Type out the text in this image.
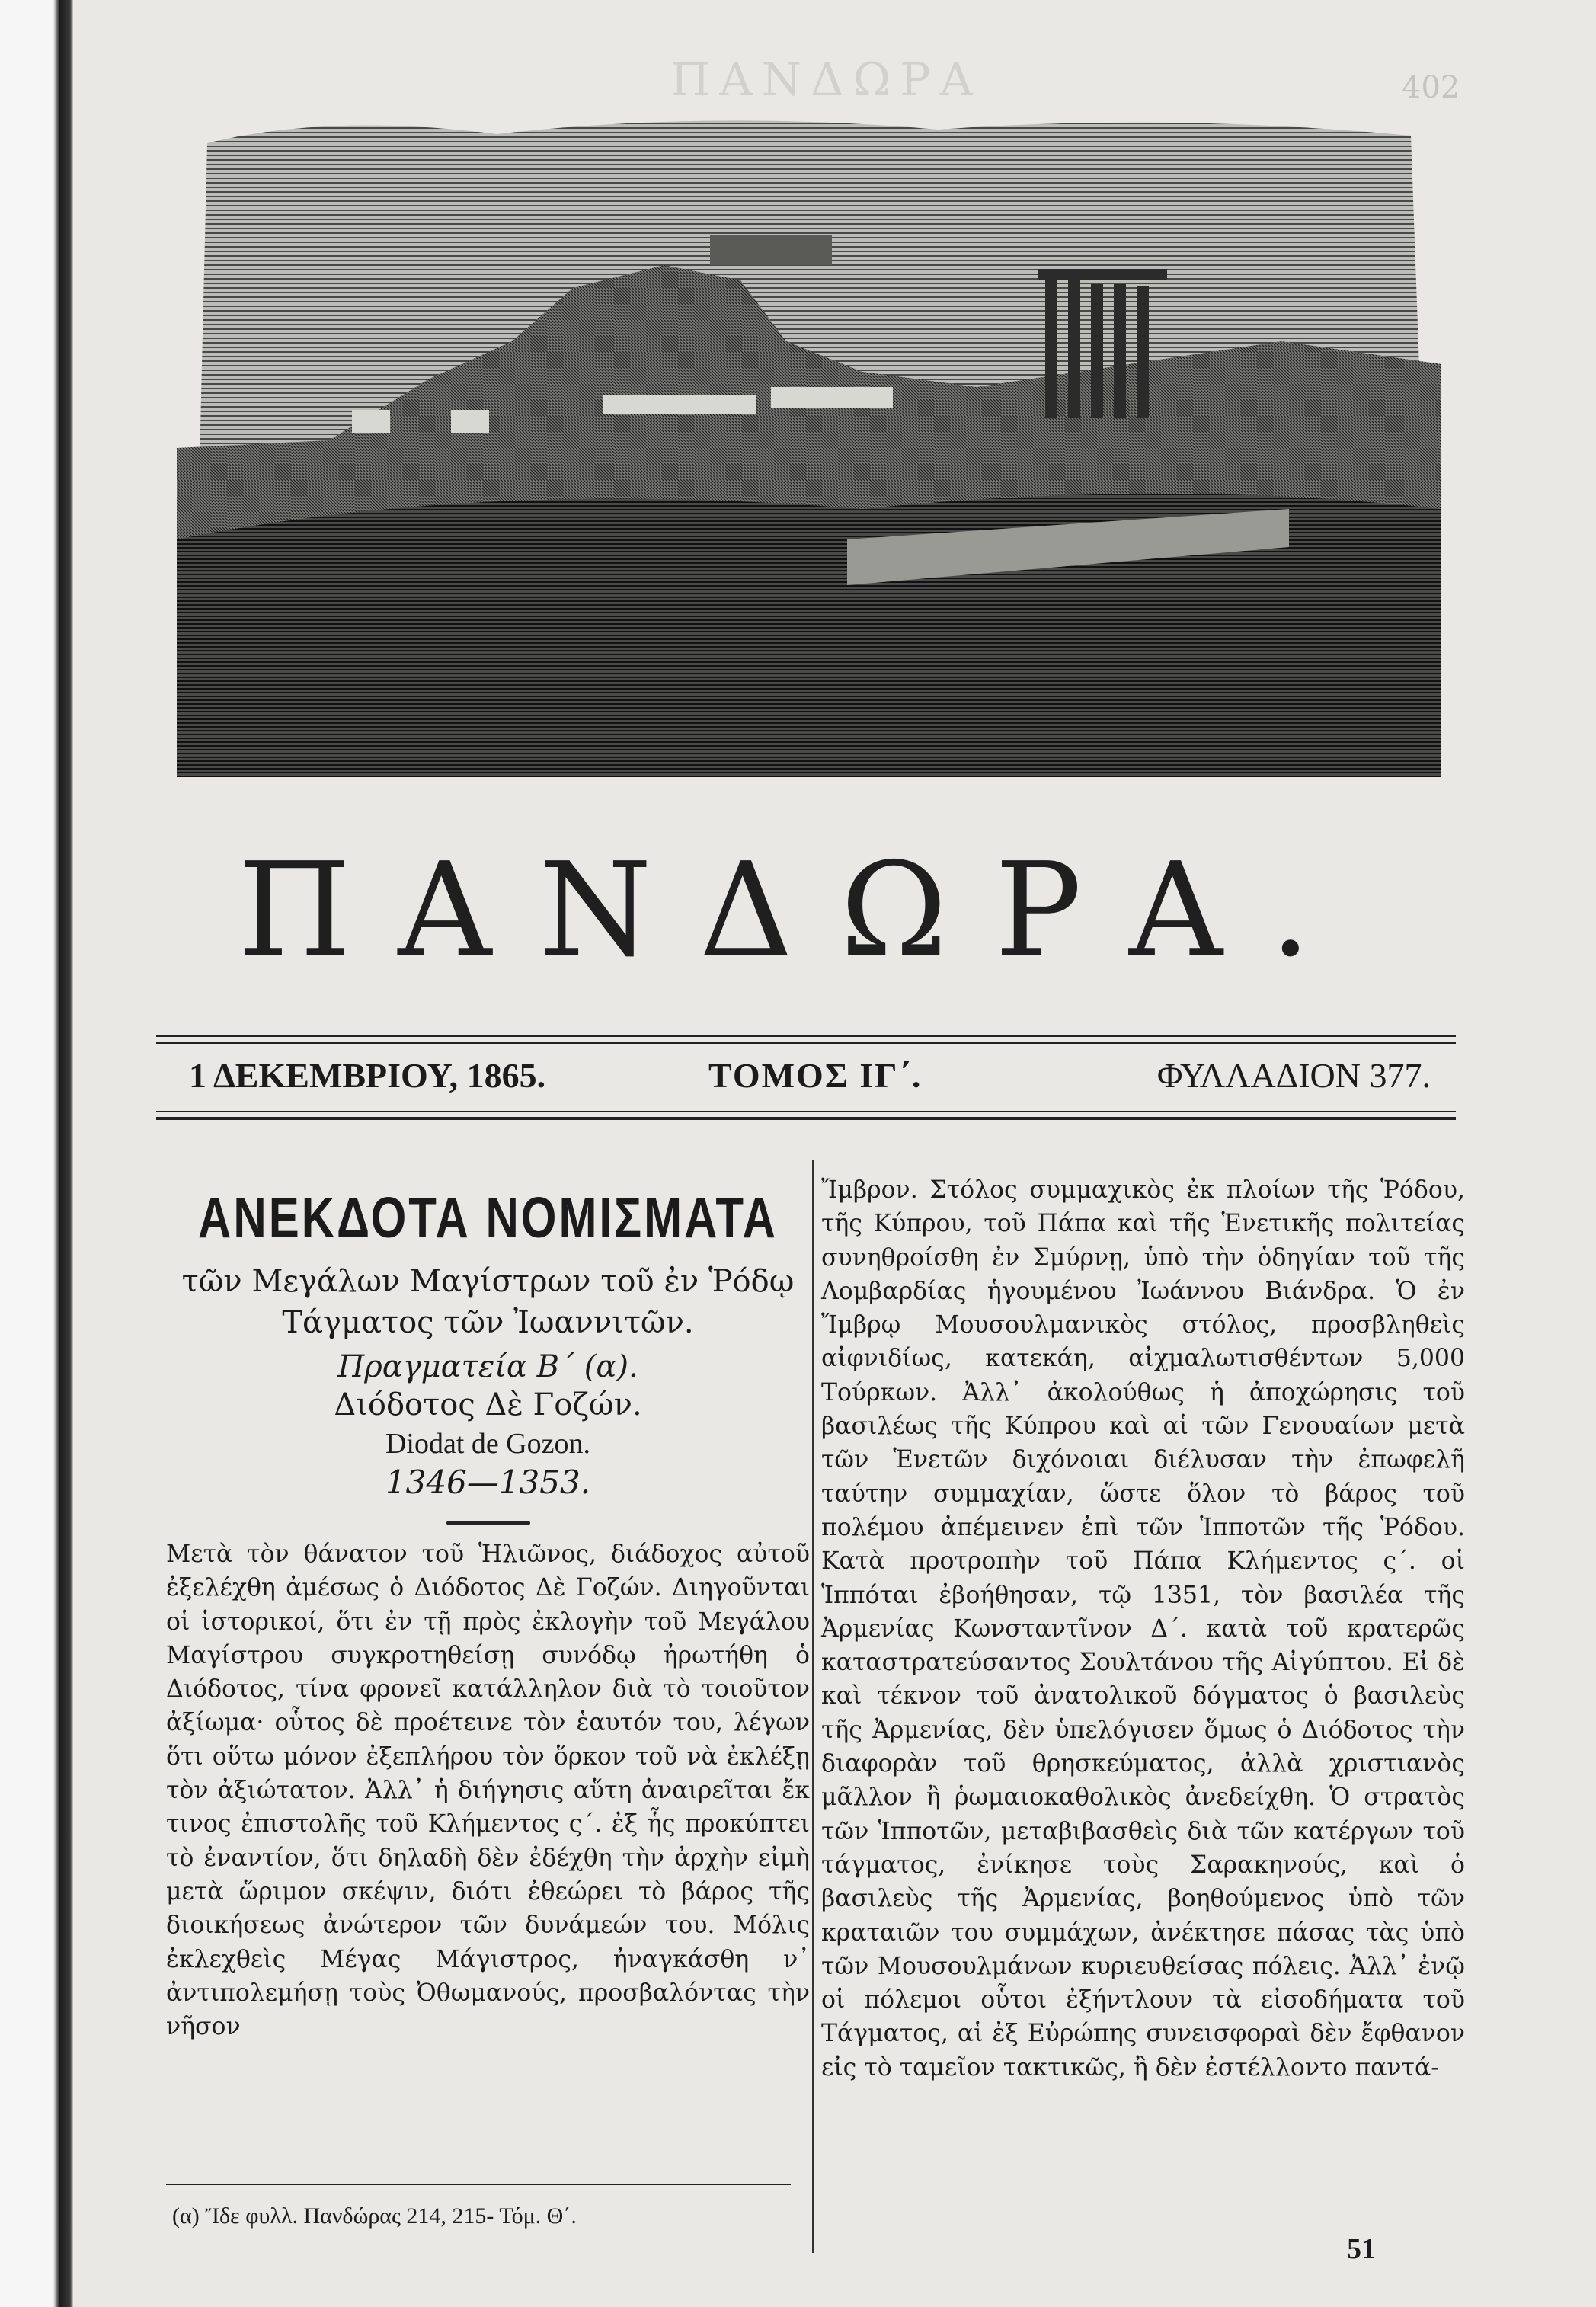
ΠΑΝΔΩΡΑ	402
ΠΑΝΔΩΡΑ.
1 ΔΕΚΕΜΒΡΙΟΥ, 1865.	ΤΟΜΟΣ ΙΓ΄.	ΦΥΛΛΑΔΙΟΝ 377.
ΑΝΕΚΔΟΤΑ ΝΟΜΙΣΜΑΤΑ
τῶν Μεγάλων Μαγίστρων τοῦ ἐν Ῥόδῳ Τάγματος τῶν Ἰωαννιτῶν.
Πραγματεία Β΄ (α).
Διόδοτος Δὲ Γοζών.
Diodat de Gozon.
1346—1353.

Μετὰ τὸν θάνατον τοῦ Ἡλιῶνος, διάδοχος αὐτοῦ ἐξελέχθη ἀμέσως ὁ Διόδοτος Δὲ Γοζών. Διηγοῦνται οἱ ἱστορικοί, ὅτι ἐν τῇ πρὸς ἐκλογὴν τοῦ Μεγάλου Μαγίστρου συγκροτηθείσῃ συνόδῳ ἠρωτήθη ὁ Διόδοτος, τίνα φρονεῖ κατάλληλον διὰ τὸ τοιοῦτον ἀξίωμα· οὗτος δὲ προέτεινε τὸν ἑαυτόν του, λέγων ὅτι οὕτω μόνον ἐξεπλήρου τὸν ὅρκον τοῦ νὰ ἐκλέξῃ τὸν ἀξιώτατον. Ἀλλ᾽ ἡ διήγησις αὕτη ἀναιρεῖται ἔκ τινος ἐπιστολῆς τοῦ Κλήμεντος ς΄. ἐξ ἧς προκύπτει τὸ ἐναντίον, ὅτι δηλαδὴ δὲν ἐδέχθη τὴν ἀρχὴν εἰμὴ μετὰ ὥριμον σκέψιν, διότι ἐθεώρει τὸ βάρος τῆς διοικήσεως ἀνώτερον τῶν δυνάμεών του. Μόλις ἐκλεχθεὶς Μέγας Μάγιστρος, ἠναγκάσθη ν᾽ ἀντιπολεμήσῃ τοὺς Ὀθωμανούς, προσβαλόντας τὴν νῆσον

Ἴμβρον. Στόλος συμμαχικὸς ἐκ πλοίων τῆς Ῥόδου, τῆς Κύπρου, τοῦ Πάπα καὶ τῆς Ἑνετικῆς πολιτείας συνηθροίσθη ἐν Σμύρνῃ, ὑπὸ τὴν ὁδηγίαν τοῦ τῆς Λομβαρδίας ἡγουμένου Ἰωάννου Βιάνδρα. Ὁ ἐν Ἴμβρῳ Μουσουλμανικὸς στόλος, προσβληθεὶς αἰφνιδίως, κατεκάη, αἰχμαλωτισθέντων 5,000 Τούρκων. Ἀλλ᾽ ἀκολούθως ἡ ἀποχώρησις τοῦ βασιλέως τῆς Κύπρου καὶ αἱ τῶν Γενουαίων μετὰ τῶν Ἑνετῶν διχόνοιαι διέλυσαν τὴν ἐπωφελῆ ταύτην συμμαχίαν, ὥστε ὅλον τὸ βάρος τοῦ πολέμου ἀπέμεινεν ἐπὶ τῶν Ἱπποτῶν τῆς Ῥόδου. Κατὰ προτροπὴν τοῦ Πάπα Κλήμεντος ς΄. οἱ Ἱππόται ἐβοήθησαν, τῷ 1351, τὸν βασιλέα τῆς Ἀρμενίας Κωνσταντῖνον Δ΄. κατὰ τοῦ κρατερῶς καταστρατεύσαντος Σουλτάνου τῆς Αἰγύπτου. Εἰ δὲ καὶ τέκνον τοῦ ἀνατολικοῦ δόγματος ὁ βασιλεὺς τῆς Ἀρμενίας, δὲν ὑπελόγισεν ὅμως ὁ Διόδοτος τὴν διαφορὰν τοῦ θρησκεύματος, ἀλλὰ χριστιανὸς μᾶλλον ἢ ῥωμαιοκαθολικὸς ἀνεδείχθη. Ὁ στρατὸς τῶν Ἱπποτῶν, μεταβιβασθεὶς διὰ τῶν κατέργων τοῦ τάγματος, ἐνίκησε τοὺς Σαρακηνούς, καὶ ὁ βασιλεὺς τῆς Ἀρμενίας, βοηθούμενος ὑπὸ τῶν κραταιῶν του συμμάχων, ἀνέκτησε πάσας τὰς ὑπὸ τῶν Μουσουλμάνων κυριευθείσας πόλεις. Ἀλλ᾽ ἐνῷ οἱ πόλεμοι οὗτοι ἐξήντλουν τὰ εἰσοδήματα τοῦ Τάγματος, αἱ ἐξ Εὐρώπης συνεισφοραὶ δὲν ἔφθανον εἰς τὸ ταμεῖον τακτικῶς, ἢ δὲν ἐστέλλοντο παντά-

(α) Ἴδε φυλλ. Πανδώρας 214, 215- Τόμ. Θ΄.
51
